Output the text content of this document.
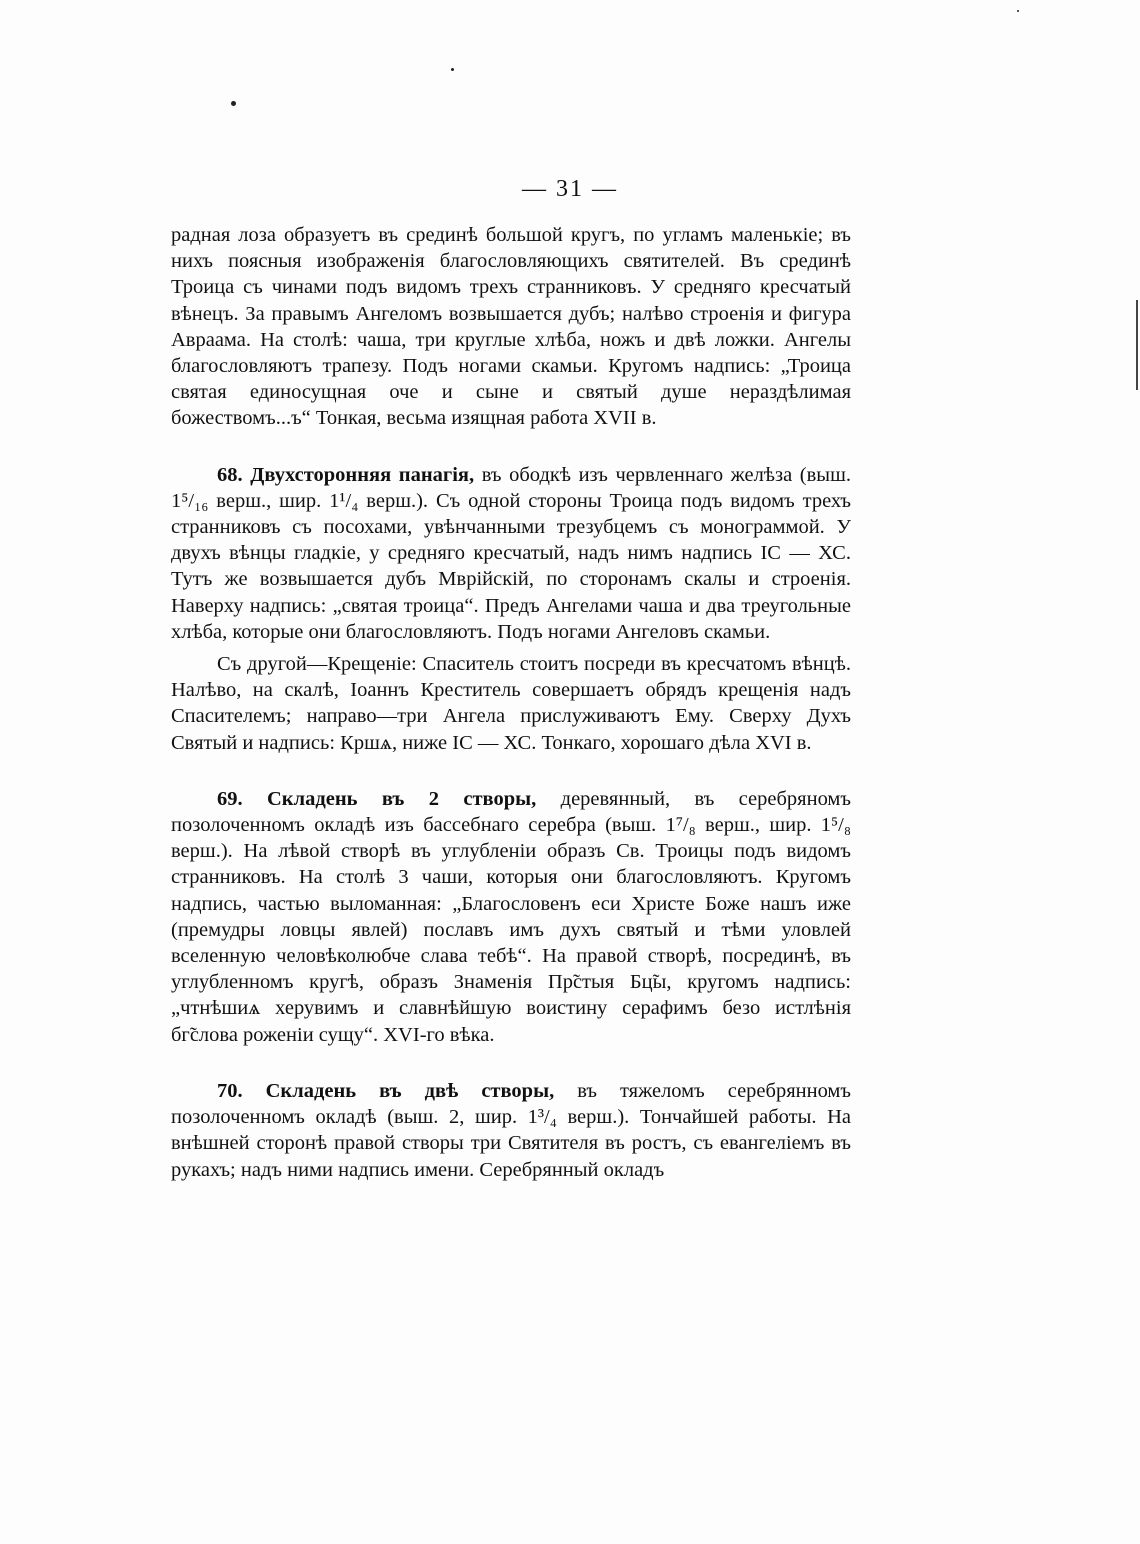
— 31 —

радная лоза образуетъ въ срединѣ большой кругъ, по угламъ маленькіе; въ нихъ поясныя изображенія благословляющихъ святителей. Въ срединѣ Троица съ чинами подъ видомъ трехъ странниковъ. У средняго кресчатый вѣнецъ. За правымъ Ангеломъ возвышается дубъ; налѣво строенія и фигура Авраама. На столѣ: чаша, три круглые хлѣба, ножъ и двѣ ложки. Ангелы благословляютъ трапезу. Подъ ногами скамьи. Кругомъ надпись: „Троица святая единосущная оче и сыне и святый душе нераздѣлимая божествомъ...ъ“ Тонкая, весьма изящная работа XVII в.

68. Двухсторонняя панагія, въ ободкѣ изъ червленнаго желѣза (выш. 1⁵/₁₆ верш., шир. 1¹/₄ верш.). Съ одной стороны Троица подъ видомъ трехъ странниковъ съ посохами, увѣнчанными трезубцемъ съ монограммой. У двухъ вѣнцы гладкіе, у средняго кресчатый, надъ нимъ надпись ІС — ХС. Тутъ же возвышается дубъ Мврійскій, по сторонамъ скалы и строенія. Наверху надпись: „святая троица“. Предъ Ангелами чаша и два треугольные хлѣба, которые они благословляютъ. Подъ ногами Ангеловъ скамьи.

Съ другой—Крещеніе: Спаситель стоитъ посреди въ кресчатомъ вѣнцѣ. Налѣво, на скалѣ, Іоаннъ Креститель совершаетъ обрядъ крещенія надъ Спасителемъ; направо—три Ангела прислуживаютъ Ему. Сверху Духъ Святый и надпись: Кршѧ, ниже ІС — ХС. Тонкаго, хорошаго дѣла XVI в.

69. Складень въ 2 створы, деревянный, въ серебряномъ позолоченномъ окладѣ изъ бассебнаго серебра (выш. 1⁷/₈ верш., шир. 1⁵/₈ верш.). На лѣвой створѣ въ углубленіи образъ Св. Троицы подъ видомъ странниковъ. На столѣ 3 чаши, которыя они благословляютъ. Кругомъ надпись, частью выломанная: „Благословенъ еси Христе Боже нашъ иже (премудры ловцы явлей) пославъ имъ духъ святый и тѣми уловлей вселенную человѣколюбче слава тебѣ“. На правой створѣ, посрединѣ, въ углубленномъ кругѣ, образъ Знаменія Пр̃стыя Бц̃ы, кругомъ надпись: „чтнѣшиѧ херувимъ и славнѣйшую воистину серафимъ безо истлѣнія бг̃слова роженіи сущу“. XVI-го вѣка.

70. Складень въ двѣ створы, въ тяжеломъ серебрянномъ позолоченномъ окладѣ (выш. 2, шир. 1³/₄ верш.). Тончайшей работы. На внѣшней сторонѣ правой створы три Святителя въ ростъ, съ евангеліемъ въ рукахъ; надъ ними надпись имени. Серебрянный окладъ
